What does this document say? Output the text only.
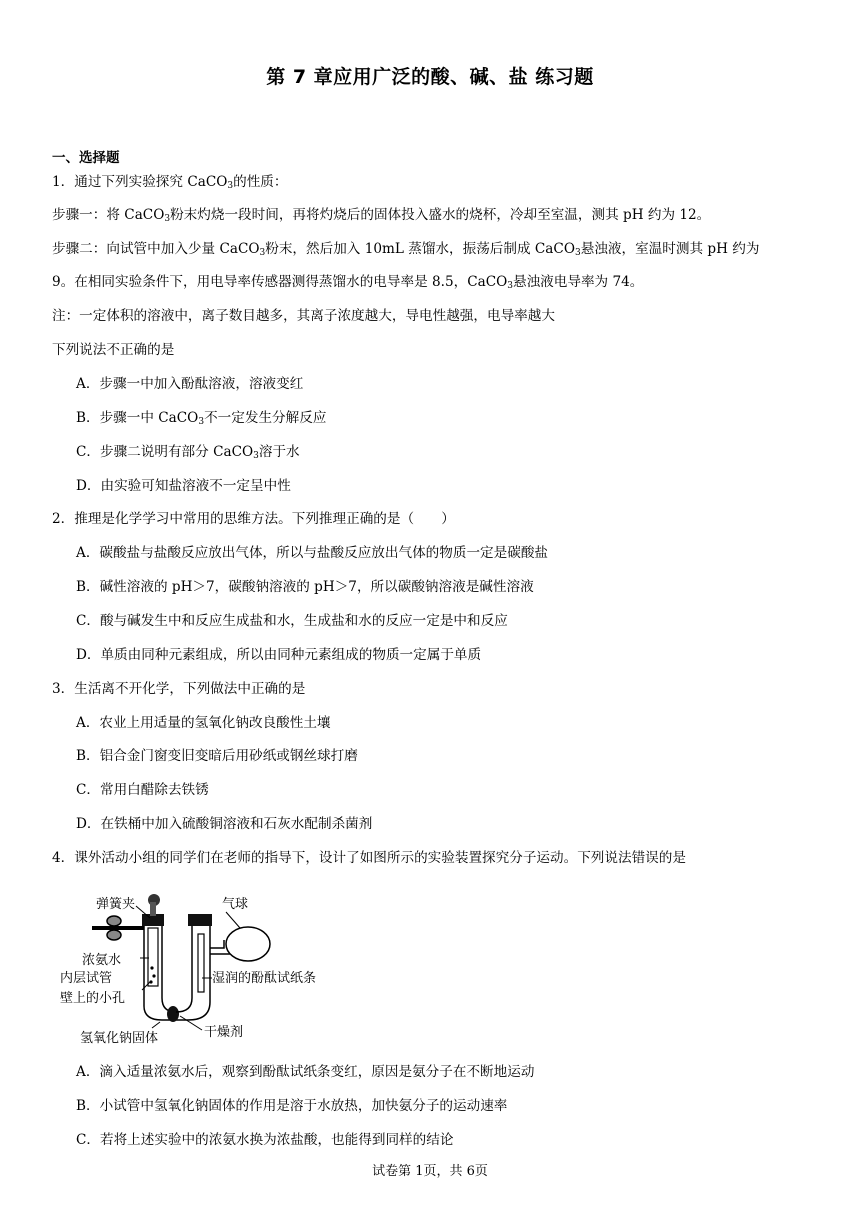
第 7 章应用广泛的酸、碱、盐 练习题
一、选择题
1．通过下列实验探究 CaCO$_3$的性质：
步骤一：将 CaCO$_3$粉末灼烧一段时间，再将灼烧后的固体投入盛水的烧杯，冷却至室温，测其 pH 约为 12。
步骤二：向试管中加入少量 CaCO$_3$粉末，然后加入 10mL 蒸馏水，振荡后制成 CaCO$_3$悬浊液，室温时测其 pH 约为
9。在相同实验条件下，用电导率传感器测得蒸馏水的电导率是 8.5，CaCO$_3$悬浊液电导率为 74。
注：一定体积的溶液中，离子数目越多，其离子浓度越大，导电性越强，电导率越大
下列说法不正确的是
A．步骤一中加入酚酞溶液，溶液变红
B．步骤一中 CaCO$_3$不一定发生分解反应
C．步骤二说明有部分 CaCO$_3$溶于水
D．由实验可知盐溶液不一定呈中性
2．推理是化学学习中常用的思维方法。下列推理正确的是（　　）
A．碳酸盐与盐酸反应放出气体，所以与盐酸反应放出气体的物质一定是碳酸盐
B．碱性溶液的 pH＞7，碳酸钠溶液的 pH＞7，所以碳酸钠溶液是碱性溶液
C．酸与碱发生中和反应生成盐和水，生成盐和水的反应一定是中和反应
D．单质由同种元素组成，所以由同种元素组成的物质一定属于单质
3．生活离不开化学，下列做法中正确的是
A．农业上用适量的氢氧化钠改良酸性土壤
B．铝合金门窗变旧变暗后用砂纸或钢丝球打磨
C．常用白醋除去铁锈
D．在铁桶中加入硫酸铜溶液和石灰水配制杀菌剂
4．课外活动小组的同学们在老师的指导下，设计了如图所示的实验装置探究分子运动。下列说法错误的是
弹簧夹	气球
浓氨水
内层试管
壁上的小孔
湿润的酚酞试纸条
氢氧化钠固体	干燥剂
A．滴入适量浓氨水后，观察到酚酞试纸条变红，原因是氨分子在不断地运动
B．小试管中氢氧化钠固体的作用是溶于水放热，加快氨分子的运动速率
C．若将上述实验中的浓氨水换为浓盐酸，也能得到同样的结论
试卷第 1页，共 6页
